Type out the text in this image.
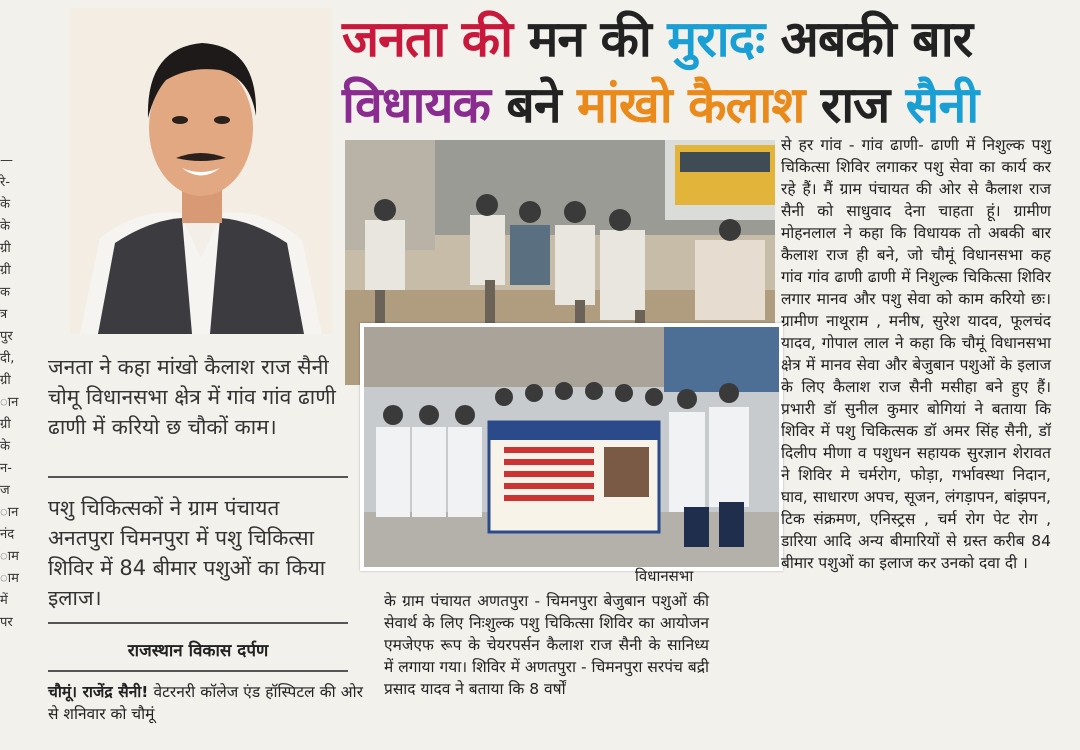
—
रे-
के
के
ग्री
ग्री
क
त्र
पुर
दी,
ग्री
ान
ग्री
के
न-
ज
ान
नंद
ाम
ाम
में
पर
जनता की मन की मुरादः अबकी बार
विधायक बने मांखो कैलाश राज सैनी
जनता ने कहा मांखो कैलाश राज सैनी चोमू विधानसभा क्षेत्र में गांव गांव ढाणी ढाणी में करियो छ चौकों काम।
पशु चिकित्सकों ने ग्राम पंचायत अनतपुरा चिमनपुरा में पशु चिकित्सा शिविर में 84 बीमार पशुओं का किया इलाज।
राजस्थान विकास दर्पण
चौमूं। राजेंद्र सैनी! वेटरनरी कॉलेज एंड हॉस्पिटल की ओर से शनिवार को चौमूं
विधानसभा
के ग्राम पंचायत अणतपुरा - चिमनपुरा बेजुबान पशुओं की सेवार्थ के लिए निःशुल्क पशु चिकित्सा शिविर का आयोजन एमजेएफ रूप के चेयरपर्सन कैलाश राज सैनी के सानिध्य में लगाया गया। शिविर में अणतपुरा - चिमनपुरा सरपंच बद्री प्रसाद यादव ने बताया कि 8 वर्षों
से हर गांव - गांव ढाणी- ढाणी में निशुल्क पशु चिकित्सा शिविर लगाकर पशु सेवा का कार्य कर रहे हैं। मैं ग्राम पंचायत की ओर से कैलाश राज सैनी को साधुवाद देना चाहता हूं। ग्रामीण मोहनलाल ने कहा कि विधायक तो अबकी बार कैलाश राज ही बने, जो चौमूं विधानसभा कह गांव गांव ढाणी ढाणी में निशुल्क चिकित्सा शिविर लगार मानव और पशु सेवा को काम करियो छः। ग्रामीण नाथूराम , मनीष, सुरेश यादव, फूलचंद यादव, गोपाल लाल ने कहा कि चौमूं विधानसभा क्षेत्र में मानव सेवा और बेजुबान पशुओं के इलाज के लिए कैलाश राज सैनी मसीहा बने हुए हैं। प्रभारी डॉ सुनील कुमार बोगियां ने बताया कि शिविर में पशु चिकित्सक डॉ अमर सिंह सैनी, डॉ दिलीप मीणा व पशुधन सहायक सुरज्ञान शेरावत ने शिविर मे चर्मरोग, फोड़ा, गर्भावस्था निदान, घाव, साधारण अपच, सूजन, लंगड़ापन, बांझपन, टिक संक्रमण, एनिस्ट्रस , चर्म रोग पेट रोग , डारिया आदि अन्य बीमारियों से ग्रस्त करीब 84 बीमार पशुओं का इलाज कर उनको दवा दी ।
